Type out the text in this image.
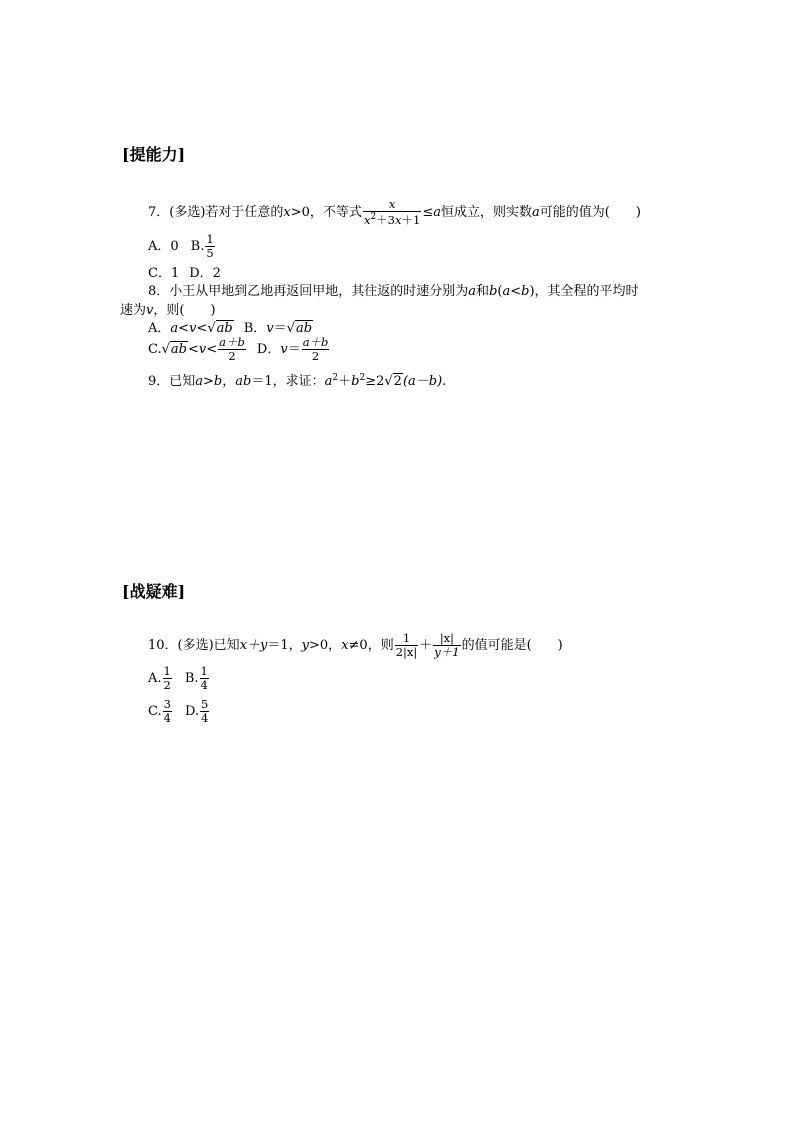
[提能力]
7．(多选)若对于任意的x>0，不等式 $\frac{x}{x^2+3x+1} \le a$恒成立，则实数a可能的值为(　　)
A．0 B. $\frac{1}{5}$
C．1 D．2
8．小王从甲地到乙地再返回甲地，其往返的时速分别为a和b(a<b)，其全程的平均时
速为v，则(　　)
A．a<v<√ab B．v＝√ab
$C.√ab<v< \frac{a+b}{2}$ D．$v= \frac{a+b}{2}$
9．已知a>b，ab＝1，求证：$a^2+b^2\ge 2√2(a-b)$.
[战疑难]
10．(多选)已知x＋y＝1，y>0，x≠0，则 $\frac{1}{2|x|} + \frac{|x|}{y+1}$ 的值可能是(　　)
A. $\frac{1}{2} B$. $\frac{1}{4}$
C. $\frac{3}{4} D$. $\frac{5}{4}$
